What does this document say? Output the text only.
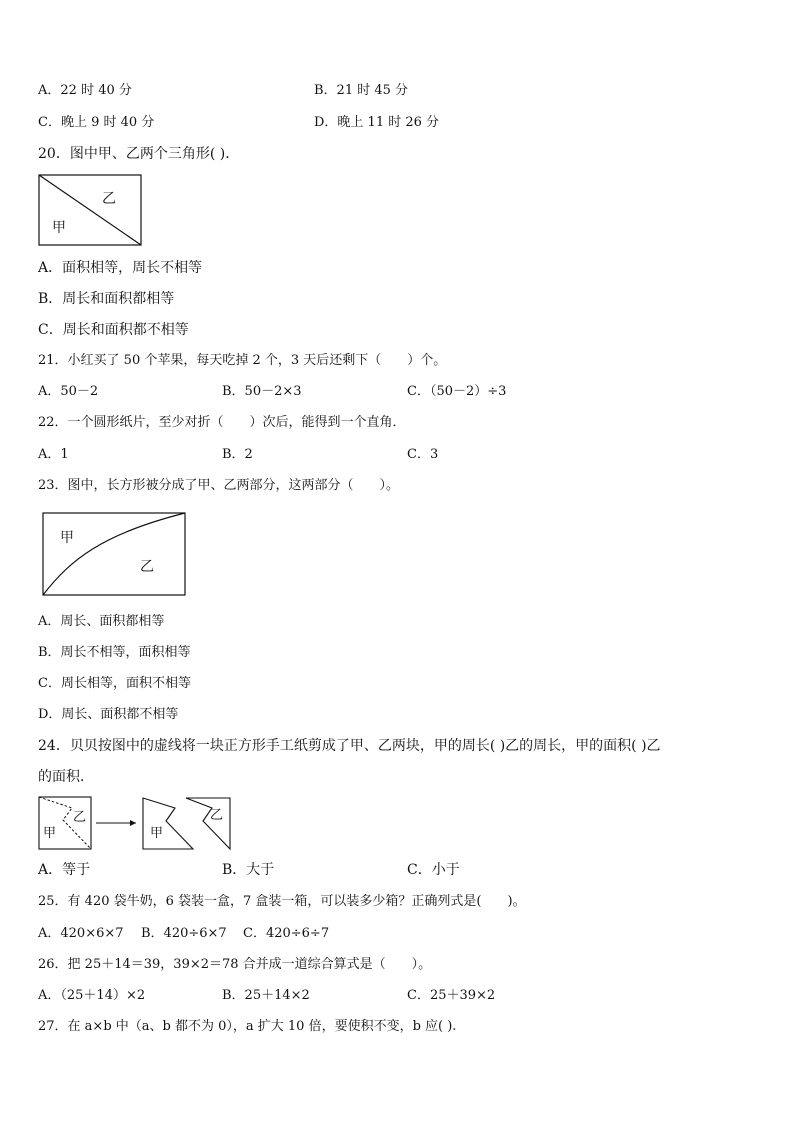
A．22 时 40 分	B．21 时 45 分
C．晚上 9 时 40 分	D．晚上 11 时 26 分
20．图中甲、乙两个三角形( )．
乙
甲
A．面积相等，周长不相等
B．周长和面积都相等
C．周长和面积都不相等
21．小红买了 50 个苹果，每天吃掉 2 个，3 天后还剩下（　　）个。
A．50－2	B．50－2×3	C．（50－2）÷3
22．一个圆形纸片，至少对折（　　）次后，能得到一个直角．
A．1	B．2	C．3
23．图中，长方形被分成了甲、乙两部分，这两部分（　　）。
甲
乙
A．周长、面积都相等
B．周长不相等，面积相等
C．周长相等，面积不相等
D．周长、面积都不相等
24．贝贝按图中的虚线将一块正方形手工纸剪成了甲、乙两块，甲的周长( )乙的周长，甲的面积( )乙
的面积．
乙
甲	甲
乙
A．等于	B．大于	C．小于
25．有 420 袋牛奶，6 袋装一盒，7 盒装一箱，可以装多少箱？正确列式是(　　)。
A．420×6×7 B．420÷6×7 C．420÷6÷7
26．把 25＋14＝39，39×2＝78 合并成一道综合算式是（　　）。
A．（25＋14）×2	B．25＋14×2	C．25＋39×2
27．在 a×b 中（a、b 都不为 0），a 扩大 10 倍，要使积不变，b 应( ).
